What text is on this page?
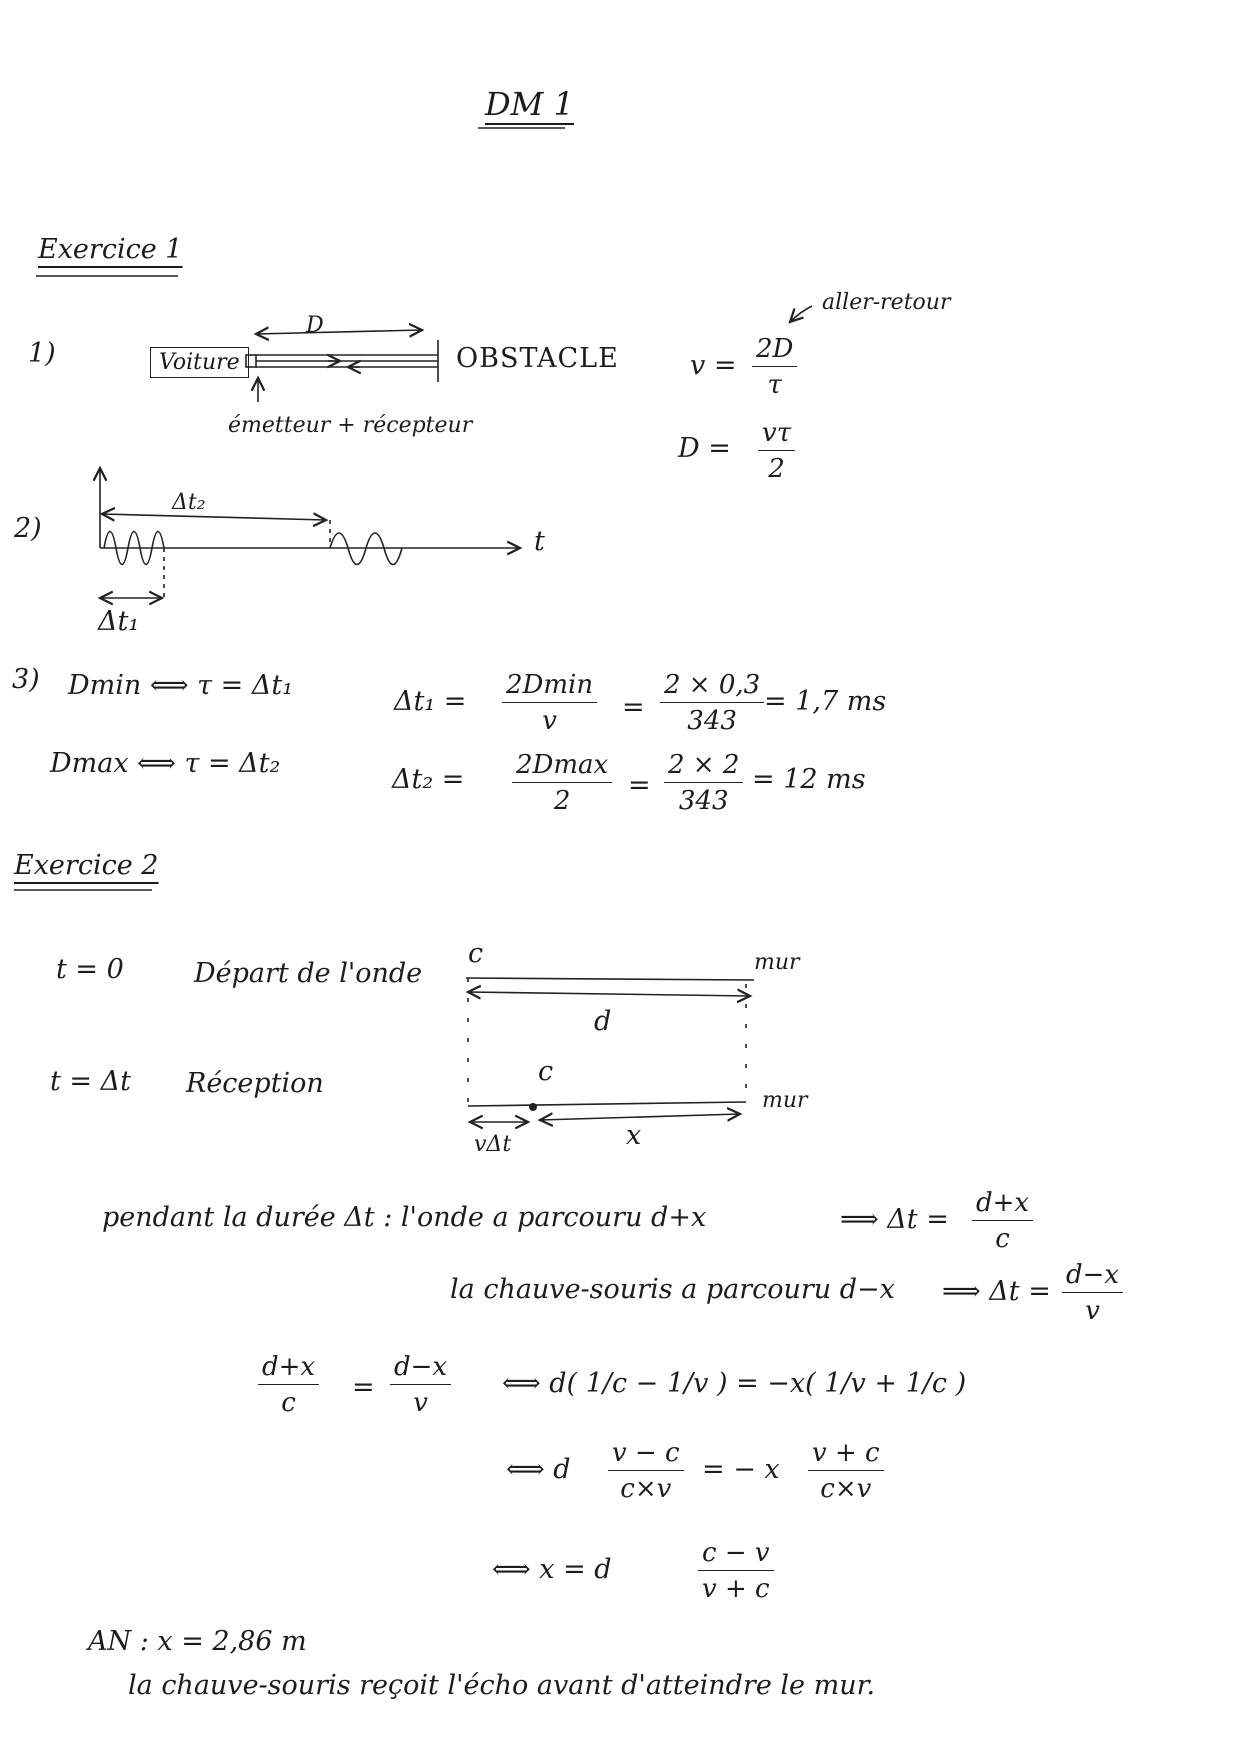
DM 1
Exercice 1
1)	Voiture
D
OBSTACLE
émetteur + récepteur
aller-retour
$v = \frac{2D}{\tau}$
$D = \frac{v\tau}{2}$
2)
Δt₂
t
Δt₁
3) Dmin ⟺ τ = Δt₁
Dmax ⟺ τ = Δt₂
Δt₁ =
2Dmin
$v = \frac{2 \times 0,3}{343} = 1,7$ ms
Δt₂ = 2Dmax
$2 = \frac{2 \times 2}{343} = 12$ ms
Exercice 2
t = 0	Départ de l'onde
t = Δt Réception
c	mur
d
c
mur
vΔt	x
pendant la durée Δt : l'onde a parcouru d+x	⟹ $\Delta t = \frac{d+x}{c}$
la chauve-souris a parcouru d−x ⟹ $\Delta t = \frac{d-x}{v}$
$\frac{d+x}{c} = \frac{d-x}{v}$ ⟺ d( 1/c − 1/v ) = −x( 1/v + 1/c )
⟺ d $\frac{v - c}{c\times v}$ = − x $\frac{v + c}{c\times v}$
⟺ x = d	$\frac{c - v}{v + c}$
AN : x = 2,86 m
la chauve-souris reçoit l'écho avant d'atteindre le mur.
